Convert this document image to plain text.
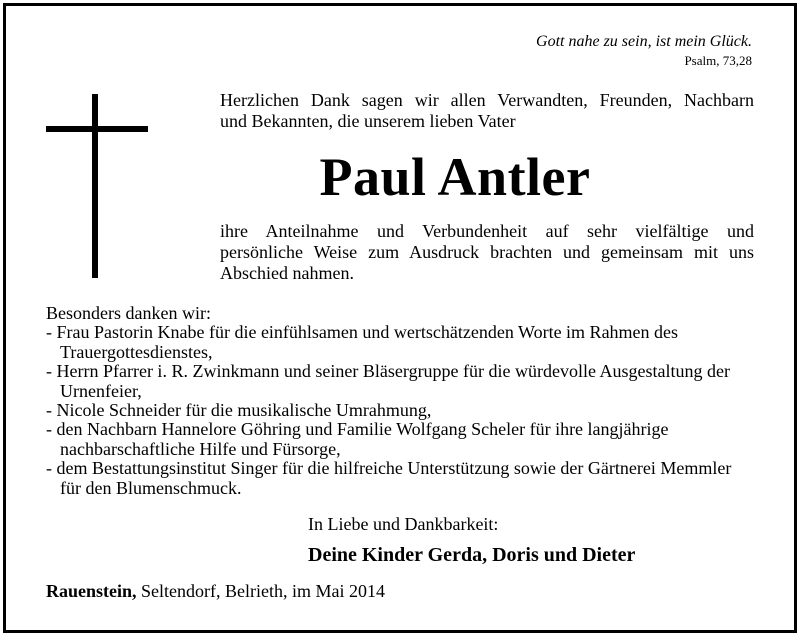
Gott nahe zu sein, ist mein Glück.

Psalm, 73,28

Herzlichen Dank sagen wir allen Verwandten, Freunden, Nachbarn
und Bekannten, die unserem lieben Vater

Paul Antler

ihre Anteilnahme und Verbundenheit auf sehr vielfältige und
persönliche Weise zum Ausdruck brachten und gemeinsam mit uns
Abschied nahmen.

Besonders danken wir:
- Frau Pastorin Knabe für die einfühlsamen und wertschätzenden Worte im Rahmen des Trauergottesdienstes,
- Herrn Pfarrer i. R. Zwinkmann und seiner Bläsergruppe für die würdevolle Ausgestaltung der Urnenfeier,
- Nicole Schneider für die musikalische Umrahmung,
- den Nachbarn Hannelore Göhring und Familie Wolfgang Scheler für ihre langjährige nachbarschaftliche Hilfe und Fürsorge,
- dem Bestattungsinstitut Singer für die hilfreiche Unterstützung sowie der Gärtnerei Memmler für den Blumenschmuck.

In Liebe und Dankbarkeit:

Deine Kinder Gerda, Doris und Dieter

Rauenstein, Seltendorf, Belrieth, im Mai 2014
